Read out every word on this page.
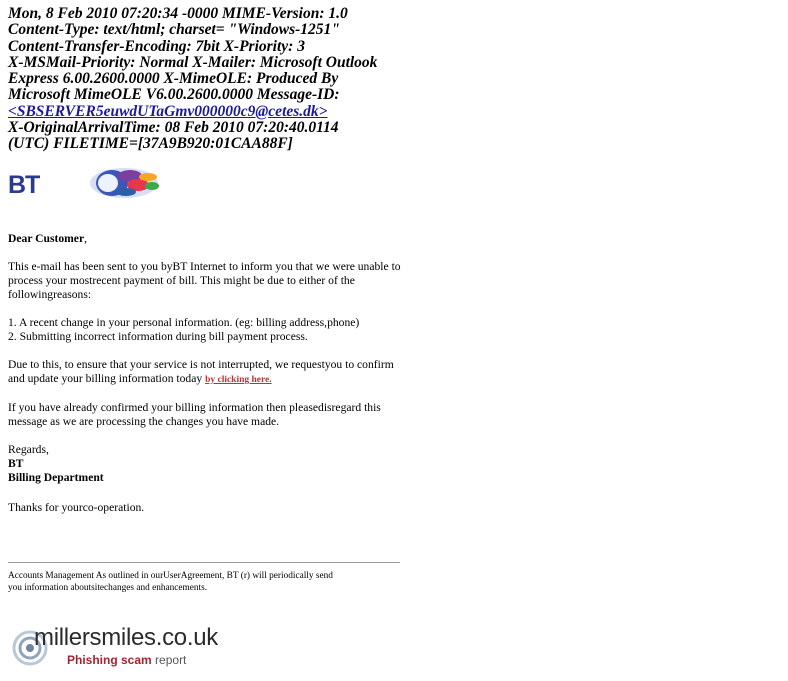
Mon, 8 Feb 2010 07:20:34 -0000 MIME-Version: 1.0
Content-Type: text/html; charset= "Windows-1251"
Content-Transfer-Encoding: 7bit X-Priority: 3
X-MSMail-Priority: Normal X-Mailer: Microsoft Outlook
Express 6.00.2600.0000 X-MimeOLE: Produced By
Microsoft MimeOLE V6.00.2600.0000 Message-ID:
<SBSERVER5euwdUTaGmv000000c9@cetes.dk>
X-OriginalArrivalTime: 08 Feb 2010 07:20:40.0114
(UTC) FILETIME=[37A9B920:01CAA88F]
BT

Dear Customer,

This e-mail has been sent to you byBT Internet to inform you that we were unable to process your mostrecent payment of bill. This might be due to either of the followingreasons:

1. A recent change in your personal information. (eg: billing address,phone)

2. Submitting incorrect information during bill payment process.

Due to this, to ensure that your service is not interrupted, we requestyou to confirm and update your billing information today by clicking here.

If you have already confirmed your billing information then pleasedisregard this message as we are processing the changes you have made.

Regards,

BT

Billing Department

Thanks for yourco-operation.

Accounts Management As outlined in ourUserAgreement, BT (r) will periodically send you information aboutsitechanges and enhancements.
millersmiles.co.uk
Phishing scam report
